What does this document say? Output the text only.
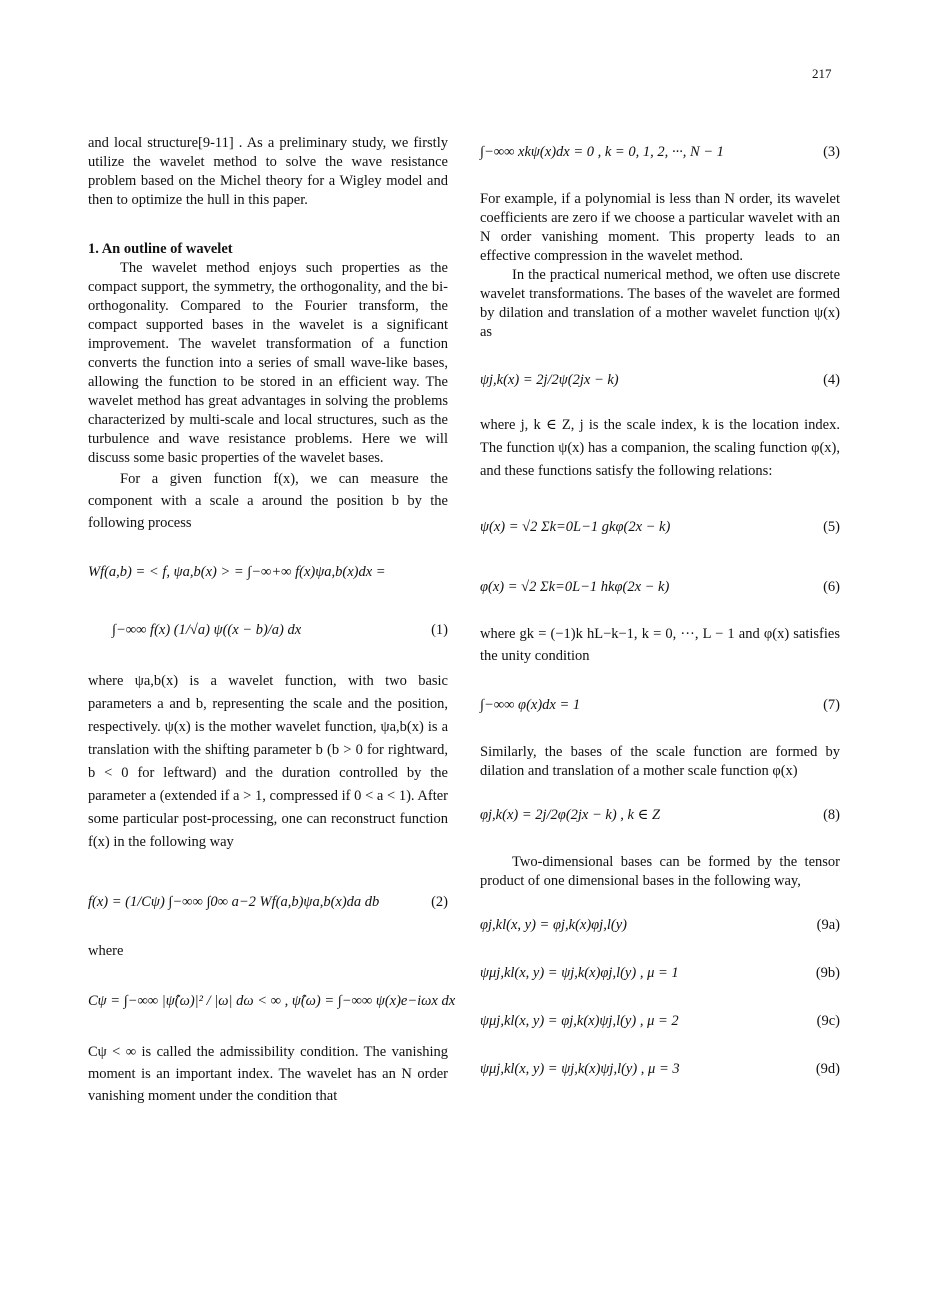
217

and local structure[9-11] . As a preliminary study, we firstly utilize the wavelet method to solve the wave resistance problem based on the Michel theory for a Wigley model and then to optimize the hull in this paper.

1. An outline of wavelet

The wavelet method enjoys such properties as the compact support, the symmetry, the orthogonality, and the bi-orthogonality. Compared to the Fourier transform, the compact supported bases in the wavelet is a significant improvement. The wavelet transformation of a function converts the function into a series of small wave-like bases, allowing the function to be stored in an efficient way. The wavelet method has great advantages in solving the problems characterized by multi-scale and local structures, such as the turbulence and wave resistance problems. Here we will discuss some basic properties of the wavelet bases.

For a given function f(x), we can measure the component with a scale a around the position b by the following process

Wf(a,b) = < f, ψa,b(x) > = ∫−∞+∞ f(x)ψa,b(x)dx =
∫−∞∞ f(x) (1/√a) ψ((x − b)/a) dx	(1)

where ψa,b(x) is a wavelet function, with two basic parameters a and b, representing the scale and the position, respectively. ψ(x) is the mother wavelet function, ψa,b(x) is a translation with the shifting parameter b (b > 0 for rightward, b < 0 for leftward) and the duration controlled by the parameter a (extended if a > 1, compressed if 0 < a < 1). After some particular post-processing, one can reconstruct function f(x) in the following way

f(x) = (1/Cψ) ∫−∞∞ ∫0∞ a−2 Wf(a,b)ψa,b(x)da db	(2)

where

Cψ = ∫−∞∞ |ψ̂(ω)|² / |ω| dω < ∞ , ψ̂(ω) = ∫−∞∞ ψ(x)e−iωx dx

Cψ < ∞ is called the admissibility condition. The vanishing moment is an important index. The wavelet has an N order vanishing moment under the condition that

∫−∞∞ xkψ(x)dx = 0 , k = 0, 1, 2, ···, N − 1	(3)

For example, if a polynomial is less than N order, its wavelet coefficients are zero if we choose a particular wavelet with an N order vanishing moment. This property leads to an effective compression in the wavelet method.

In the practical numerical method, we often use discrete wavelet transformations. The bases of the wavelet are formed by dilation and translation of a mother wavelet function ψ(x) as

ψj,k(x) = 2j/2ψ(2jx − k)	(4)

where j, k ∈ Z, j is the scale index, k is the location index. The function ψ(x) has a companion, the scaling function φ(x), and these functions satisfy the following relations:

ψ(x) = √2 Σk=0L−1 gkφ(2x − k)	(5)
φ(x) = √2 Σk=0L−1 hkφ(2x − k)	(6)

where gk = (−1)k hL−k−1, k = 0, ···, L − 1 and φ(x) satisfies the unity condition

∫−∞∞ φ(x)dx = 1	(7)

Similarly, the bases of the scale function are formed by dilation and translation of a mother scale function φ(x)

φj,k(x) = 2j/2φ(2jx − k) , k ∈ Z	(8)

Two-dimensional bases can be formed by the tensor product of one dimensional bases in the following way,

φj,kl(x, y) = φj,k(x)φj,l(y)	(9a)
ψμj,kl(x, y) = ψj,k(x)φj,l(y) , μ = 1	(9b)
ψμj,kl(x, y) = φj,k(x)ψj,l(y) , μ = 2	(9c)
ψμj,kl(x, y) = ψj,k(x)ψj,l(y) , μ = 3	(9d)
